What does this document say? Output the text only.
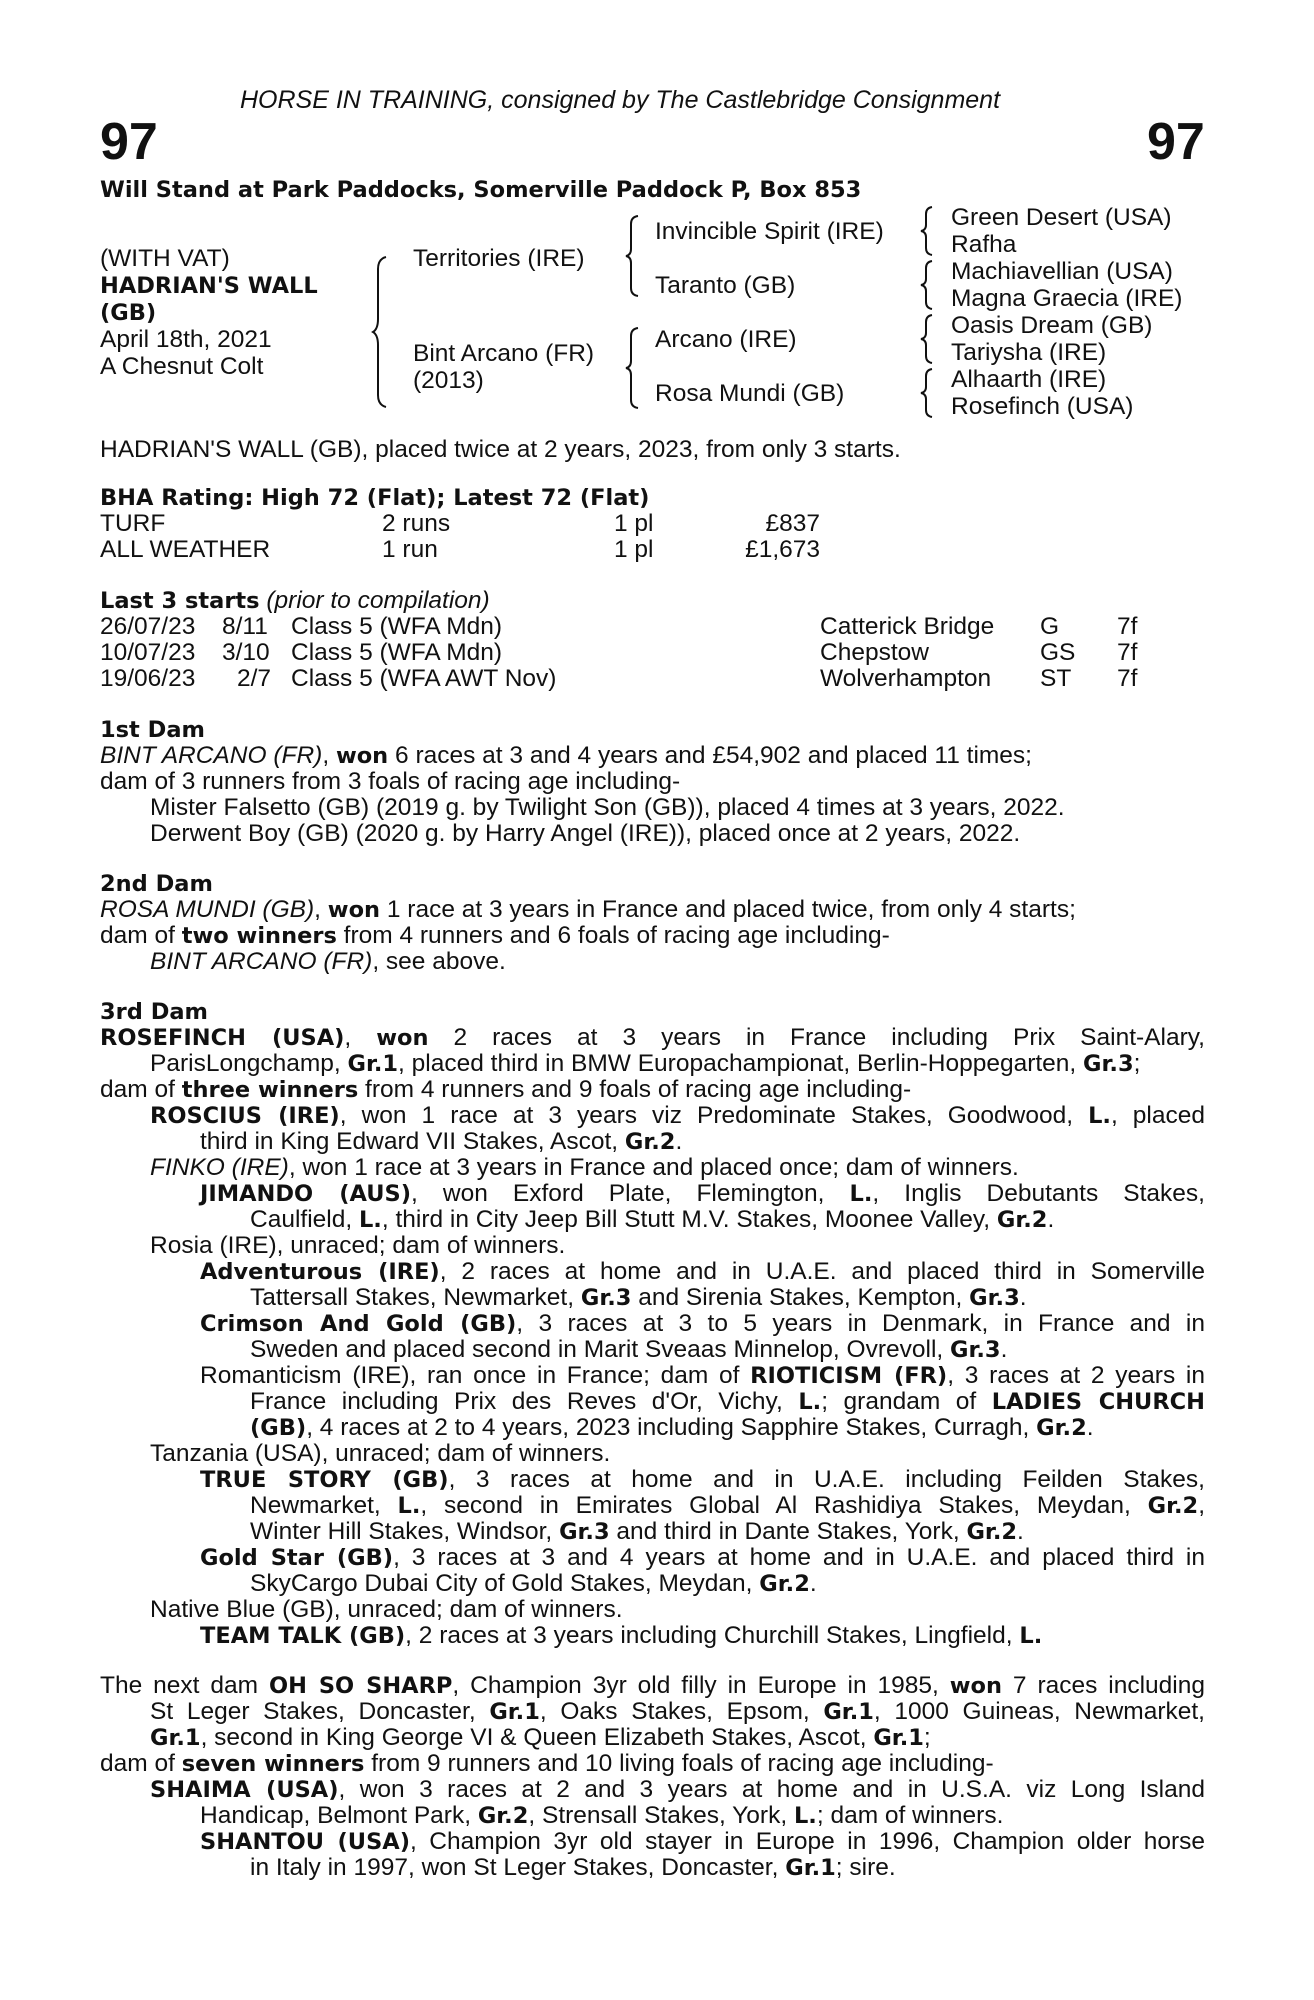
HORSE IN TRAINING, consigned by The Castlebridge Consignment
97	97
Will Stand at Park Paddocks, Somerville Paddock P, Box 853
(WITH VAT)
HADRIAN'S WALL
(GB)
April 18th, 2021
A Chesnut Colt
Territories (IRE)
Bint Arcano (FR)
(2013)
Invincible Spirit (IRE)
Taranto (GB)
Arcano (IRE)
Rosa Mundi (GB)
Green Desert (USA)
Rafha
Machiavellian (USA)
Magna Graecia (IRE)
Oasis Dream (GB)
Tariysha (IRE)
Alhaarth (IRE)
Rosefinch (USA)
HADRIAN'S WALL (GB), placed twice at 2 years, 2023, from only 3 starts.
BHA Rating: High 72 (Flat); Latest 72 (Flat)
TURF	2 runs	1 pl	£837
ALL WEATHER	1 run	1 pl	£1,673
Last 3 starts (prior to compilation)
26/07/23 8/11 Class 5 (WFA Mdn)	Catterick Bridge G 7f
10/07/23 3/10 Class 5 (WFA Mdn)	Chepstow	GS 7f
19/06/23 2/7 Class 5 (WFA AWT Nov)	Wolverhampton ST 7f
1st Dam
BINT ARCANO (FR), won 6 races at 3 and 4 years and £54,902 and placed 11 times;
dam of 3 runners from 3 foals of racing age including-
Mister Falsetto (GB) (2019 g. by Twilight Son (GB)), placed 4 times at 3 years, 2022.
Derwent Boy (GB) (2020 g. by Harry Angel (IRE)), placed once at 2 years, 2022.
2nd Dam
ROSA MUNDI (GB), won 1 race at 3 years in France and placed twice, from only 4 starts;
dam of two winners from 4 runners and 6 foals of racing age including-
BINT ARCANO (FR), see above.
3rd Dam
ROSEFINCH (USA), won 2 races at 3 years in France including Prix Saint-Alary,
ParisLongchamp, Gr.1, placed third in BMW Europachampionat, Berlin-Hoppegarten, Gr.3;
dam of three winners from 4 runners and 9 foals of racing age including-
ROSCIUS (IRE), won 1 race at 3 years viz Predominate Stakes, Goodwood, L., placed
third in King Edward VII Stakes, Ascot, Gr.2.
FINKO (IRE), won 1 race at 3 years in France and placed once; dam of winners.
JIMANDO (AUS), won Exford Plate, Flemington, L., Inglis Debutants Stakes,
Caulfield, L., third in City Jeep Bill Stutt M.V. Stakes, Moonee Valley, Gr.2.
Rosia (IRE), unraced; dam of winners.
Adventurous (IRE), 2 races at home and in U.A.E. and placed third in Somerville
Tattersall Stakes, Newmarket, Gr.3 and Sirenia Stakes, Kempton, Gr.3.
Crimson And Gold (GB), 3 races at 3 to 5 years in Denmark, in France and in
Sweden and placed second in Marit Sveaas Minnelop, Ovrevoll, Gr.3.
Romanticism (IRE), ran once in France; dam of RIOTICISM (FR), 3 races at 2 years in
France including Prix des Reves d'Or, Vichy, L.; grandam of LADIES CHURCH
(GB), 4 races at 2 to 4 years, 2023 including Sapphire Stakes, Curragh, Gr.2.
Tanzania (USA), unraced; dam of winners.
TRUE STORY (GB), 3 races at home and in U.A.E. including Feilden Stakes,
Newmarket, L., second in Emirates Global Al Rashidiya Stakes, Meydan, Gr.2,
Winter Hill Stakes, Windsor, Gr.3 and third in Dante Stakes, York, Gr.2.
Gold Star (GB), 3 races at 3 and 4 years at home and in U.A.E. and placed third in
SkyCargo Dubai City of Gold Stakes, Meydan, Gr.2.
Native Blue (GB), unraced; dam of winners.
TEAM TALK (GB), 2 races at 3 years including Churchill Stakes, Lingfield, L.
The next dam OH SO SHARP, Champion 3yr old filly in Europe in 1985, won 7 races including
St Leger Stakes, Doncaster, Gr.1, Oaks Stakes, Epsom, Gr.1, 1000 Guineas, Newmarket,
Gr.1, second in King George VI & Queen Elizabeth Stakes, Ascot, Gr.1;
dam of seven winners from 9 runners and 10 living foals of racing age including-
SHAIMA (USA), won 3 races at 2 and 3 years at home and in U.S.A. viz Long Island
Handicap, Belmont Park, Gr.2, Strensall Stakes, York, L.; dam of winners.
SHANTOU (USA), Champion 3yr old stayer in Europe in 1996, Champion older horse
in Italy in 1997, won St Leger Stakes, Doncaster, Gr.1; sire.
